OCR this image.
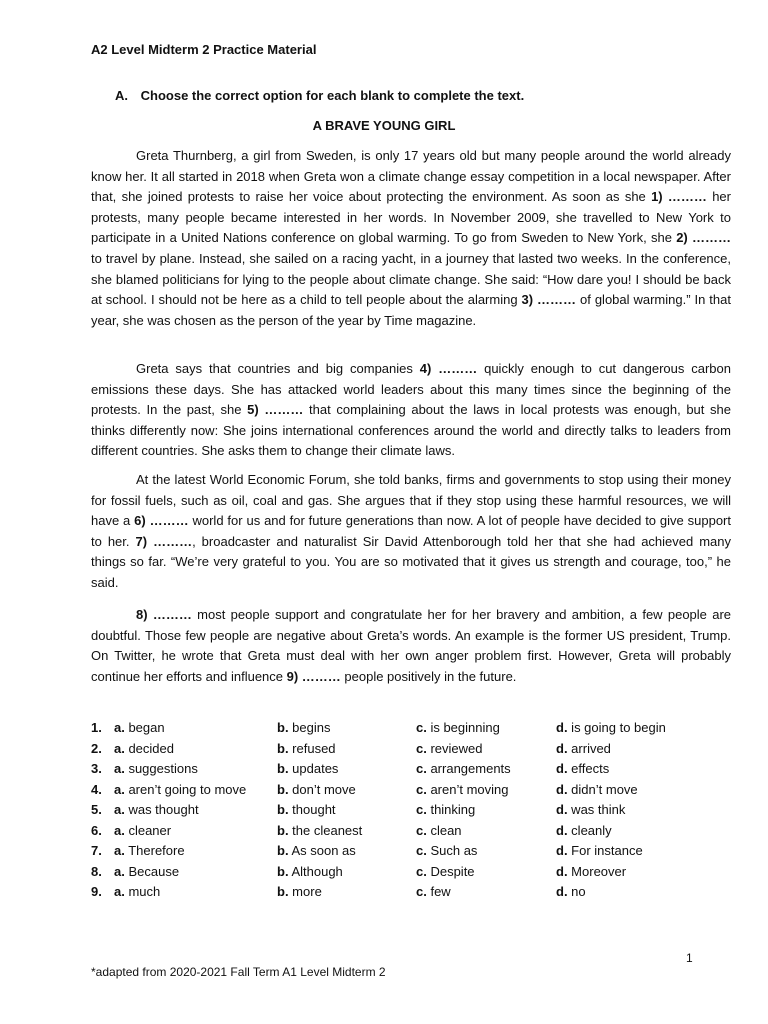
A2 Level Midterm 2 Practice Material
A. Choose the correct option for each blank to complete the text.
A BRAVE YOUNG GIRL

Greta Thurnberg, a girl from Sweden, is only 17 years old but many people around the world already know her. It all started in 2018 when Greta won a climate change essay competition in a local newspaper. After that, she joined protests to raise her voice about protecting the environment. As soon as she 1) ……… her protests, many people became interested in her words. In November 2009, she travelled to New York to participate in a United Nations conference on global warming. To go from Sweden to New York, she 2) ……… to travel by plane. Instead, she sailed on a racing yacht, in a journey that lasted two weeks. In the conference, she blamed politicians for lying to the people about climate change. She said: “How dare you! I should be back at school. I should not be here as a child to tell people about the alarming 3) ……… of global warming.” In that year, she was chosen as the person of the year by Time magazine.

Greta says that countries and big companies 4) ……… quickly enough to cut dangerous carbon emissions these days. She has attacked world leaders about this many times since the beginning of the protests. In the past, she 5) ……… that complaining about the laws in local protests was enough, but she thinks differently now: She joins international conferences around the world and directly talks to leaders from different countries. She asks them to change their climate laws.

At the latest World Economic Forum, she told banks, firms and governments to stop using their money for fossil fuels, such as oil, coal and gas. She argues that if they stop using these harmful resources, we will have a 6) ……… world for us and for future generations than now. A lot of people have decided to give support to her. 7) ………, broadcaster and naturalist Sir David Attenborough told her that she had achieved many things so far. “We’re very grateful to you. You are so motivated that it gives us strength and courage, too,” he said.

8) ……… most people support and congratulate her for her bravery and ambition, a few people are doubtful. Those few people are negative about Greta’s words. An example is the former US president, Trump. On Twitter, he wrote that Greta must deal with her own anger problem first. However, Greta will probably continue her efforts and influence 9) ……… people positively in the future.

1. a. began	b. begins	c. is beginning	d. is going to begin
2. a. decided	b. refused	c. reviewed	d. arrived
3. a. suggestions	b. updates	c. arrangements	d. effects
4. a. aren’t going to move b. don’t move	c. aren’t moving	d. didn’t move
5. a. was thought	b. thought	c. thinking	d. was think
6. a. cleaner	b. the cleanest	c. clean	d. cleanly
7. a. Therefore	b. As soon as	c. Such as	d. For instance
8. a. Because	b. Although	c. Despite	d. Moreover
9. a. much	b. more	c. few	d. no
1
*adapted from 2020-2021 Fall Term A1 Level Midterm 2
